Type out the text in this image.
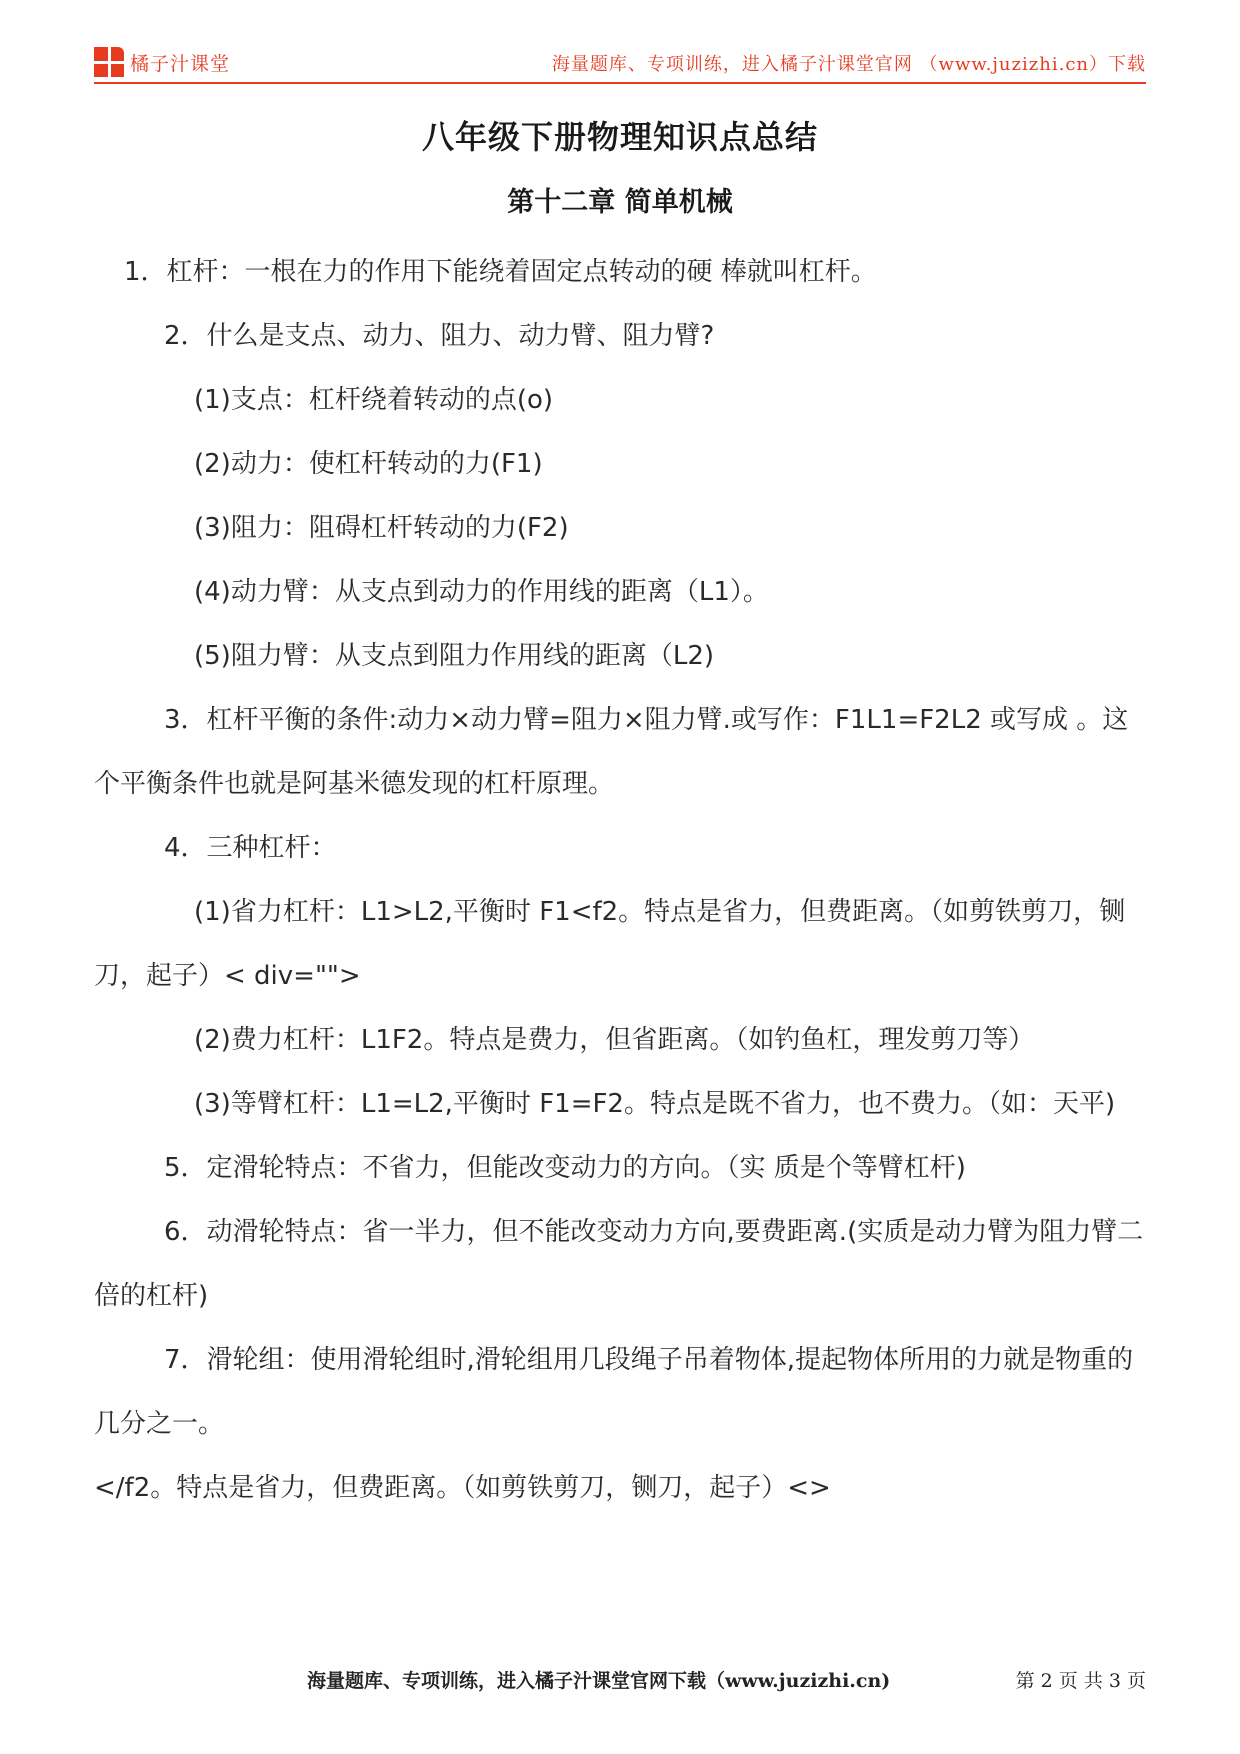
橘子汁课堂	海量题库、专项训练，进入橘子汁课堂官网 （www.juzizhi.cn）下载
八年级下册物理知识点总结
第十二章 简单机械

1．杠杆：一根在力的作用下能绕着固定点转动的硬 棒就叫杠杆。

2．什么是支点、动力、阻力、动力臂、阻力臂?

(1)支点：杠杆绕着转动的点(o)

(2)动力：使杠杆转动的力(F1)

(3)阻力：阻碍杠杆转动的力(F2)

(4)动力臂：从支点到动力的作用线的距离（L1）。

(5)阻力臂：从支点到阻力作用线的距离（L2)

3．杠杆平衡的条件:动力×动力臂=阻力×阻力臂.或写作：F1L1=F2L2 或写成 。这个平衡条件也就是阿基米德发现的杠杆原理。

4．三种杠杆：

(1)省力杠杆：L1>L2,平衡时 F1<f2。特点是省力，但费距离。（如剪铁剪刀，铡刀，起子）< div="">

(2)费力杠杆：L1F2。特点是费力，但省距离。（如钓鱼杠，理发剪刀等）

(3)等臂杠杆：L1=L2,平衡时 F1=F2。特点是既不省力，也不费力。（如：天平)

5．定滑轮特点：不省力，但能改变动力的方向。（实 质是个等臂杠杆)

6．动滑轮特点：省一半力，但不能改变动力方向,要费距离.(实质是动力臂为阻力臂二倍的杠杆)

7．滑轮组：使用滑轮组时,滑轮组用几段绳子吊着物体,提起物体所用的力就是物重的几分之一。

</f2。特点是省力，但费距离。（如剪铁剪刀，铡刀，起子）<>

海量题库、专项训练，进入橘子汁课堂官网下载（www.juzizhi.cn)	第 2 页 共 3 页
